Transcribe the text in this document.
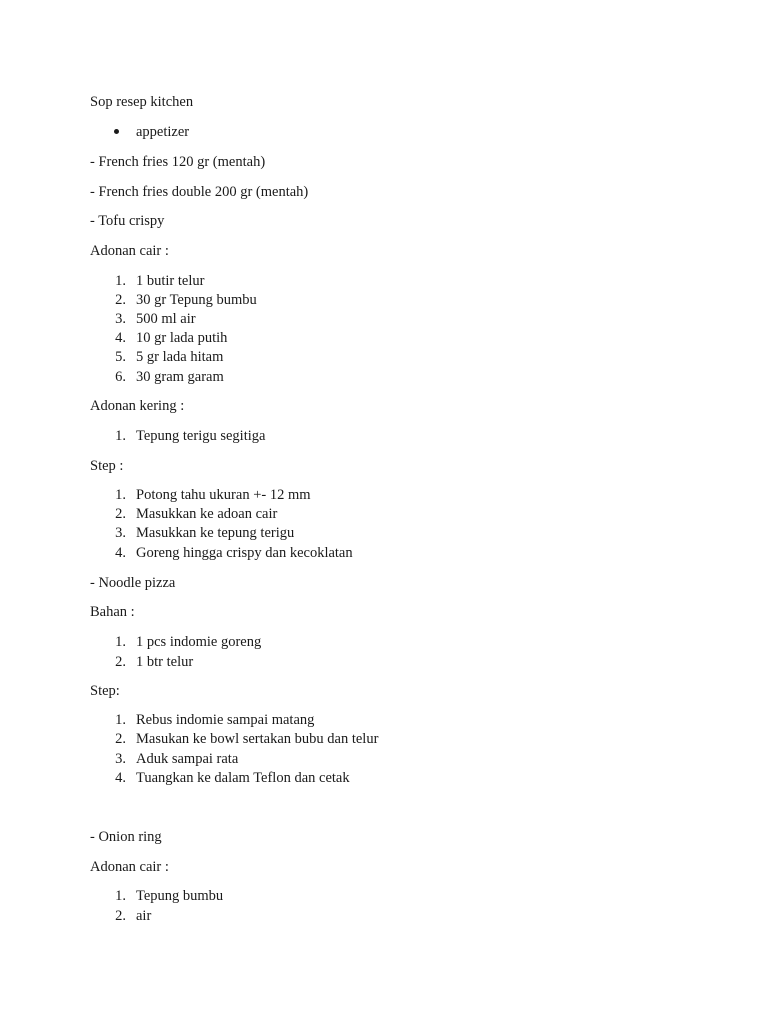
Sop resep kitchen
appetizer
- French fries 120 gr (mentah)
- French fries double 200 gr (mentah)
- Tofu crispy
Adonan cair :
1. 1 butir telur
2. 30 gr Tepung bumbu
3. 500 ml air
4. 10 gr lada putih
5. 5 gr lada hitam
6. 30 gram garam
Adonan kering :
1. Tepung terigu segitiga
Step :
1. Potong tahu ukuran +- 12 mm
2. Masukkan ke adoan cair
3. Masukkan ke tepung terigu
4. Goreng hingga crispy dan kecoklatan
- Noodle pizza
Bahan :
1. 1 pcs indomie goreng
2. 1 btr telur
Step:
1. Rebus indomie sampai matang
2. Masukan ke bowl sertakan bubu dan telur
3. Aduk sampai rata
4. Tuangkan ke dalam Teflon dan cetak
- Onion ring
Adonan cair :
1. Tepung bumbu
2. air
